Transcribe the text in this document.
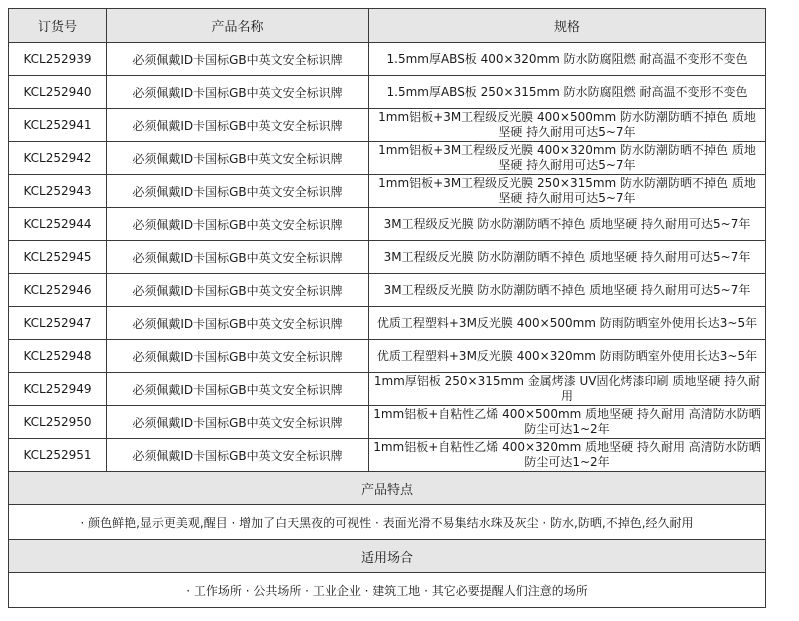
订货号	产品名称	规格
KCL252939	必须佩戴ID卡国标GB中英文安全标识牌	1.5mm厚ABS板 400×320mm 防水防腐阻燃 耐高温不变形不变色
KCL252940	必须佩戴ID卡国标GB中英文安全标识牌	1.5mm厚ABS板 250×315mm 防水防腐阻燃 耐高温不变形不变色
KCL252941	必须佩戴ID卡国标GB中英文安全标识牌	1mm铝板+3M工程级反光膜 400×500mm 防水防潮防晒不掉色 质地坚硬 持久耐用可达5~7年
KCL252942	必须佩戴ID卡国标GB中英文安全标识牌	1mm铝板+3M工程级反光膜 400×320mm 防水防潮防晒不掉色 质地坚硬 持久耐用可达5~7年
KCL252943	必须佩戴ID卡国标GB中英文安全标识牌	1mm铝板+3M工程级反光膜 250×315mm 防水防潮防晒不掉色 质地坚硬 持久耐用可达5~7年
KCL252944	必须佩戴ID卡国标GB中英文安全标识牌	3M工程级反光膜 防水防潮防晒不掉色 质地坚硬 持久耐用可达5~7年
KCL252945	必须佩戴ID卡国标GB中英文安全标识牌	3M工程级反光膜 防水防潮防晒不掉色 质地坚硬 持久耐用可达5~7年
KCL252946	必须佩戴ID卡国标GB中英文安全标识牌	3M工程级反光膜 防水防潮防晒不掉色 质地坚硬 持久耐用可达5~7年
KCL252947	必须佩戴ID卡国标GB中英文安全标识牌	优质工程塑料+3M反光膜 400×500mm 防雨防晒室外使用长达3~5年
KCL252948	必须佩戴ID卡国标GB中英文安全标识牌	优质工程塑料+3M反光膜 400×320mm 防雨防晒室外使用长达3~5年
KCL252949	必须佩戴ID卡国标GB中英文安全标识牌	1mm厚铝板 250×315mm 金属烤漆 UV固化烤漆印刷 质地坚硬 持久耐用
KCL252950	必须佩戴ID卡国标GB中英文安全标识牌	1mm铝板+自粘性乙烯 400×500mm 质地坚硬 持久耐用 高清防水防晒防尘可达1~2年
KCL252951	必须佩戴ID卡国标GB中英文安全标识牌	1mm铝板+自粘性乙烯 400×320mm 质地坚硬 持久耐用 高清防水防晒防尘可达1~2年
产品特点		
· 颜色鲜艳,显示更美观,醒目 · 增加了白天黑夜的可视性 · 表面光滑不易集结水珠及灰尘 · 防水,防晒,不掉色,经久耐用		
适用场合		
· 工作场所 · 公共场所 · 工业企业 · 建筑工地 · 其它必要提醒人们注意的场所		
